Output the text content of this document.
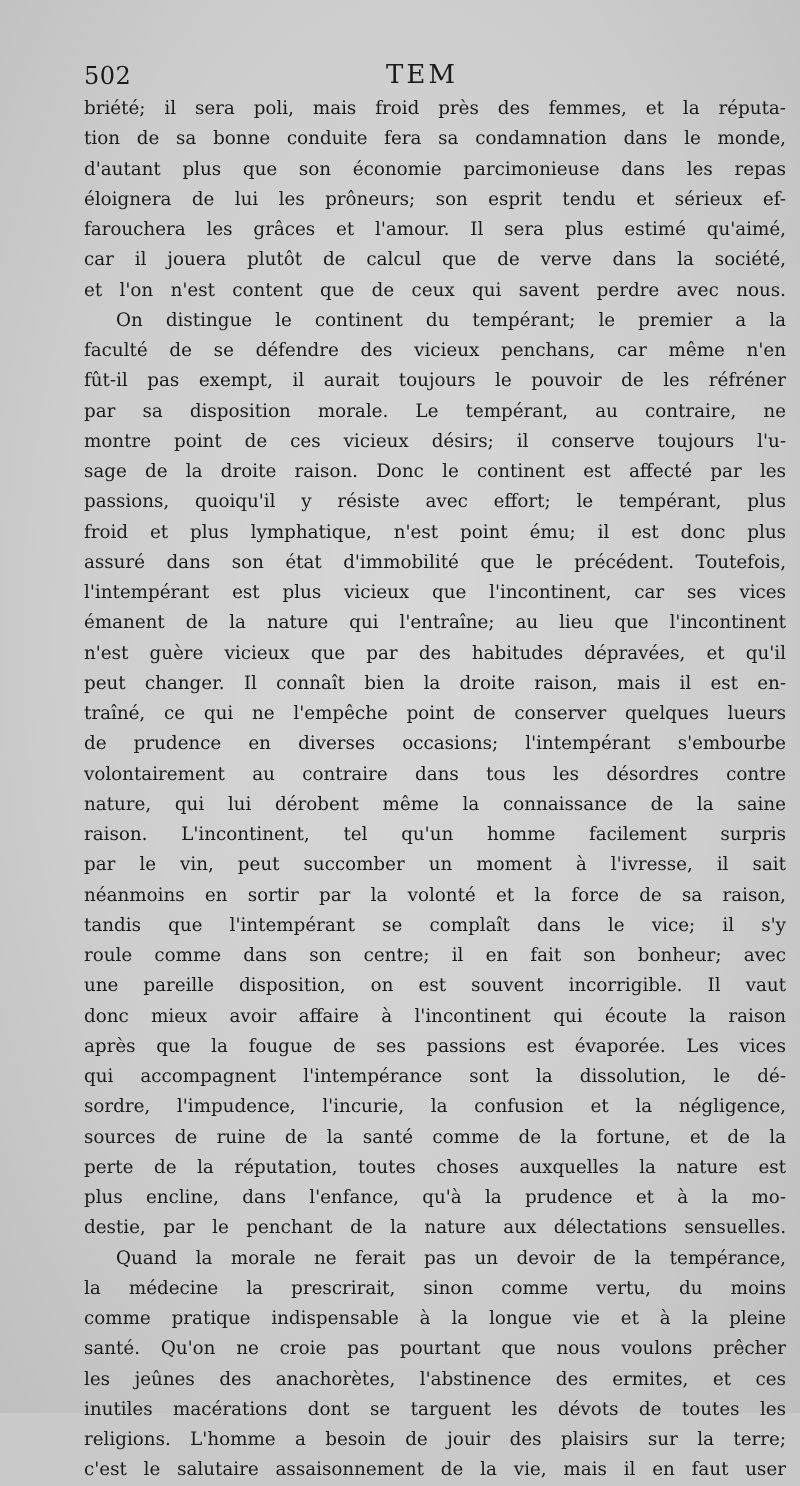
502	TEM
briété; il sera poli, mais froid près des femmes, et la réputa-
tion de sa bonne conduite fera sa condamnation dans le monde,
d'autant plus que son économie parcimonieuse dans les repas
éloignera de lui les prôneurs; son esprit tendu et sérieux ef-
farouchera les grâces et l'amour. Il sera plus estimé qu'aimé,
car il jouera plutôt de calcul que de verve dans la société,
et l'on n'est content que de ceux qui savent perdre avec nous.
On distingue le continent du tempérant; le premier a la
faculté de se défendre des vicieux penchans, car même n'en
fût-il pas exempt, il aurait toujours le pouvoir de les réfréner
par sa disposition morale. Le tempérant, au contraire, ne
montre point de ces vicieux désirs; il conserve toujours l'u-
sage de la droite raison. Donc le continent est affecté par les
passions, quoiqu'il y résiste avec effort; le tempérant, plus
froid et plus lymphatique, n'est point ému; il est donc plus
assuré dans son état d'immobilité que le précédent. Toutefois,
l'intempérant est plus vicieux que l'incontinent, car ses vices
émanent de la nature qui l'entraîne; au lieu que l'incontinent
n'est guère vicieux que par des habitudes dépravées, et qu'il
peut changer. Il connaît bien la droite raison, mais il est en-
traîné, ce qui ne l'empêche point de conserver quelques lueurs
de prudence en diverses occasions; l'intempérant s'embourbe
volontairement au contraire dans tous les désordres contre
nature, qui lui dérobent même la connaissance de la saine
raison. L'incontinent, tel qu'un homme facilement surpris
par le vin, peut succomber un moment à l'ivresse, il sait
néanmoins en sortir par la volonté et la force de sa raison,
tandis que l'intempérant se complaît dans le vice; il s'y
roule comme dans son centre; il en fait son bonheur; avec
une pareille disposition, on est souvent incorrigible. Il vaut
donc mieux avoir affaire à l'incontinent qui écoute la raison
après que la fougue de ses passions est évaporée. Les vices
qui accompagnent l'intempérance sont la dissolution, le dé-
sordre, l'impudence, l'incurie, la confusion et la négligence,
sources de ruine de la santé comme de la fortune, et de la
perte de la réputation, toutes choses auxquelles la nature est
plus encline, dans l'enfance, qu'à la prudence et à la mo-
destie, par le penchant de la nature aux délectations sensuelles.
Quand la morale ne ferait pas un devoir de la tempérance,
la médecine la prescrirait, sinon comme vertu, du moins
comme pratique indispensable à la longue vie et à la pleine
santé. Qu'on ne croie pas pourtant que nous voulons prêcher
les jeûnes des anachorètes, l'abstinence des ermites, et ces
inutiles macérations dont se targuent les dévots de toutes les
religions. L'homme a besoin de jouir des plaisirs sur la terre;
c'est le salutaire assaisonnement de la vie, mais il en faut user
